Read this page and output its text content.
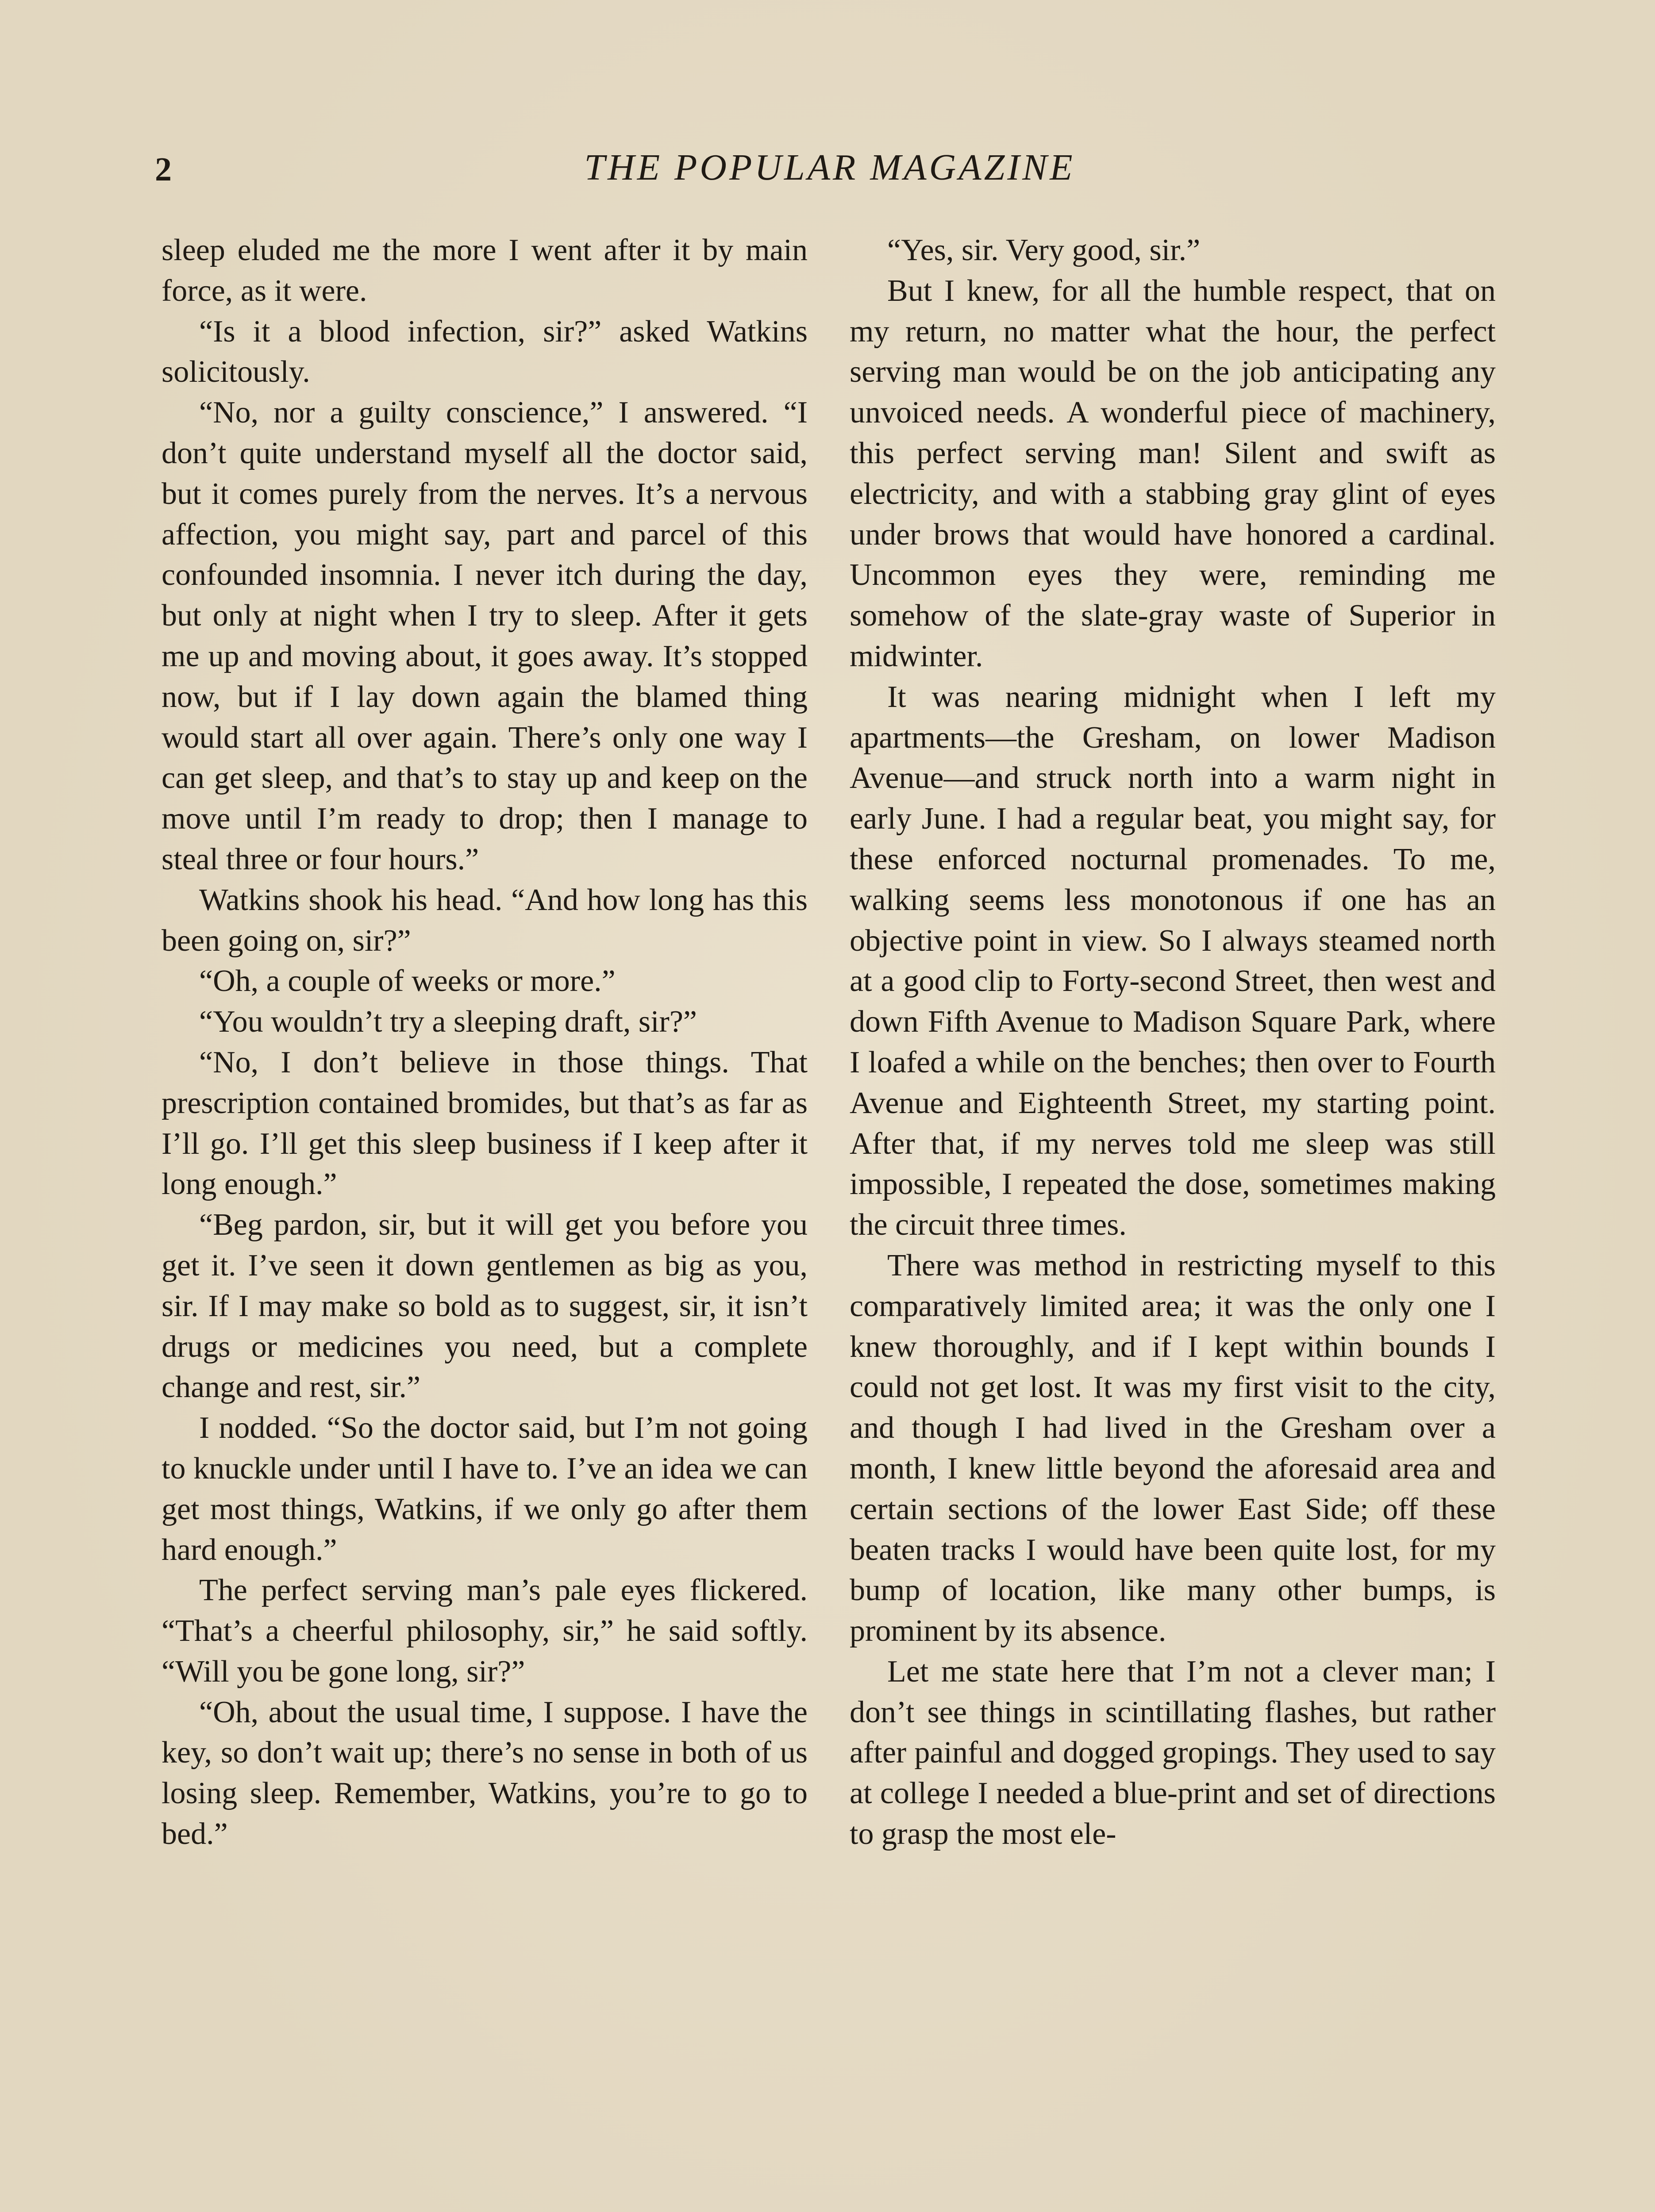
2	THE POPULAR MAGAZINE

sleep eluded me the more I went after it by main force, as it were.

“Is it a blood infection, sir?” asked Watkins solicitously.

“No, nor a guilty conscience,” I answered. “I don’t quite understand myself all the doctor said, but it comes purely from the nerves. It’s a nervous affection, you might say, part and parcel of this confounded insomnia. I never itch during the day, but only at night when I try to sleep. After it gets me up and moving about, it goes away. It’s stopped now, but if I lay down again the blamed thing would start all over again. There’s only one way I can get sleep, and that’s to stay up and keep on the move until I’m ready to drop; then I manage to steal three or four hours.”

Watkins shook his head. “And how long has this been going on, sir?”

“Oh, a couple of weeks or more.”

“You wouldn’t try a sleeping draft, sir?”

“No, I don’t believe in those things. That prescription contained bromides, but that’s as far as I’ll go. I’ll get this sleep business if I keep after it long enough.”

“Beg pardon, sir, but it will get you before you get it. I’ve seen it down gentlemen as big as you, sir. If I may make so bold as to suggest, sir, it isn’t drugs or medicines you need, but a complete change and rest, sir.”

I nodded. “So the doctor said, but I’m not going to knuckle under until I have to. I’ve an idea we can get most things, Watkins, if we only go after them hard enough.”

The perfect serving man’s pale eyes flickered. “That’s a cheerful philosophy, sir,” he said softly. “Will you be gone long, sir?”

“Oh, about the usual time, I suppose. I have the key, so don’t wait up; there’s no sense in both of us losing sleep. Remember, Watkins, you’re to go to bed.”

“Yes, sir. Very good, sir.”

But I knew, for all the humble respect, that on my return, no matter what the hour, the perfect serving man would be on the job anticipating any unvoiced needs. A wonderful piece of machinery, this perfect serving man! Silent and swift as electricity, and with a stabbing gray glint of eyes under brows that would have honored a cardinal. Uncommon eyes they were, reminding me somehow of the slate-gray waste of Superior in midwinter.

It was nearing midnight when I left my apartments—the Gresham, on lower Madison Avenue—and struck north into a warm night in early June. I had a regular beat, you might say, for these enforced nocturnal promenades. To me, walking seems less monotonous if one has an objective point in view. So I always steamed north at a good clip to Forty-second Street, then west and down Fifth Avenue to Madison Square Park, where I loafed a while on the benches; then over to Fourth Avenue and Eighteenth Street, my starting point. After that, if my nerves told me sleep was still impossible, I repeated the dose, sometimes making the circuit three times.

There was method in restricting myself to this comparatively limited area; it was the only one I knew thoroughly, and if I kept within bounds I could not get lost. It was my first visit to the city, and though I had lived in the Gresham over a month, I knew little beyond the aforesaid area and certain sections of the lower East Side; off these beaten tracks I would have been quite lost, for my bump of location, like many other bumps, is prominent by its absence.

Let me state here that I’m not a clever man; I don’t see things in scintillating flashes, but rather after painful and dogged gropings. They used to say at college I needed a blue-print and set of directions to grasp the most ele-
